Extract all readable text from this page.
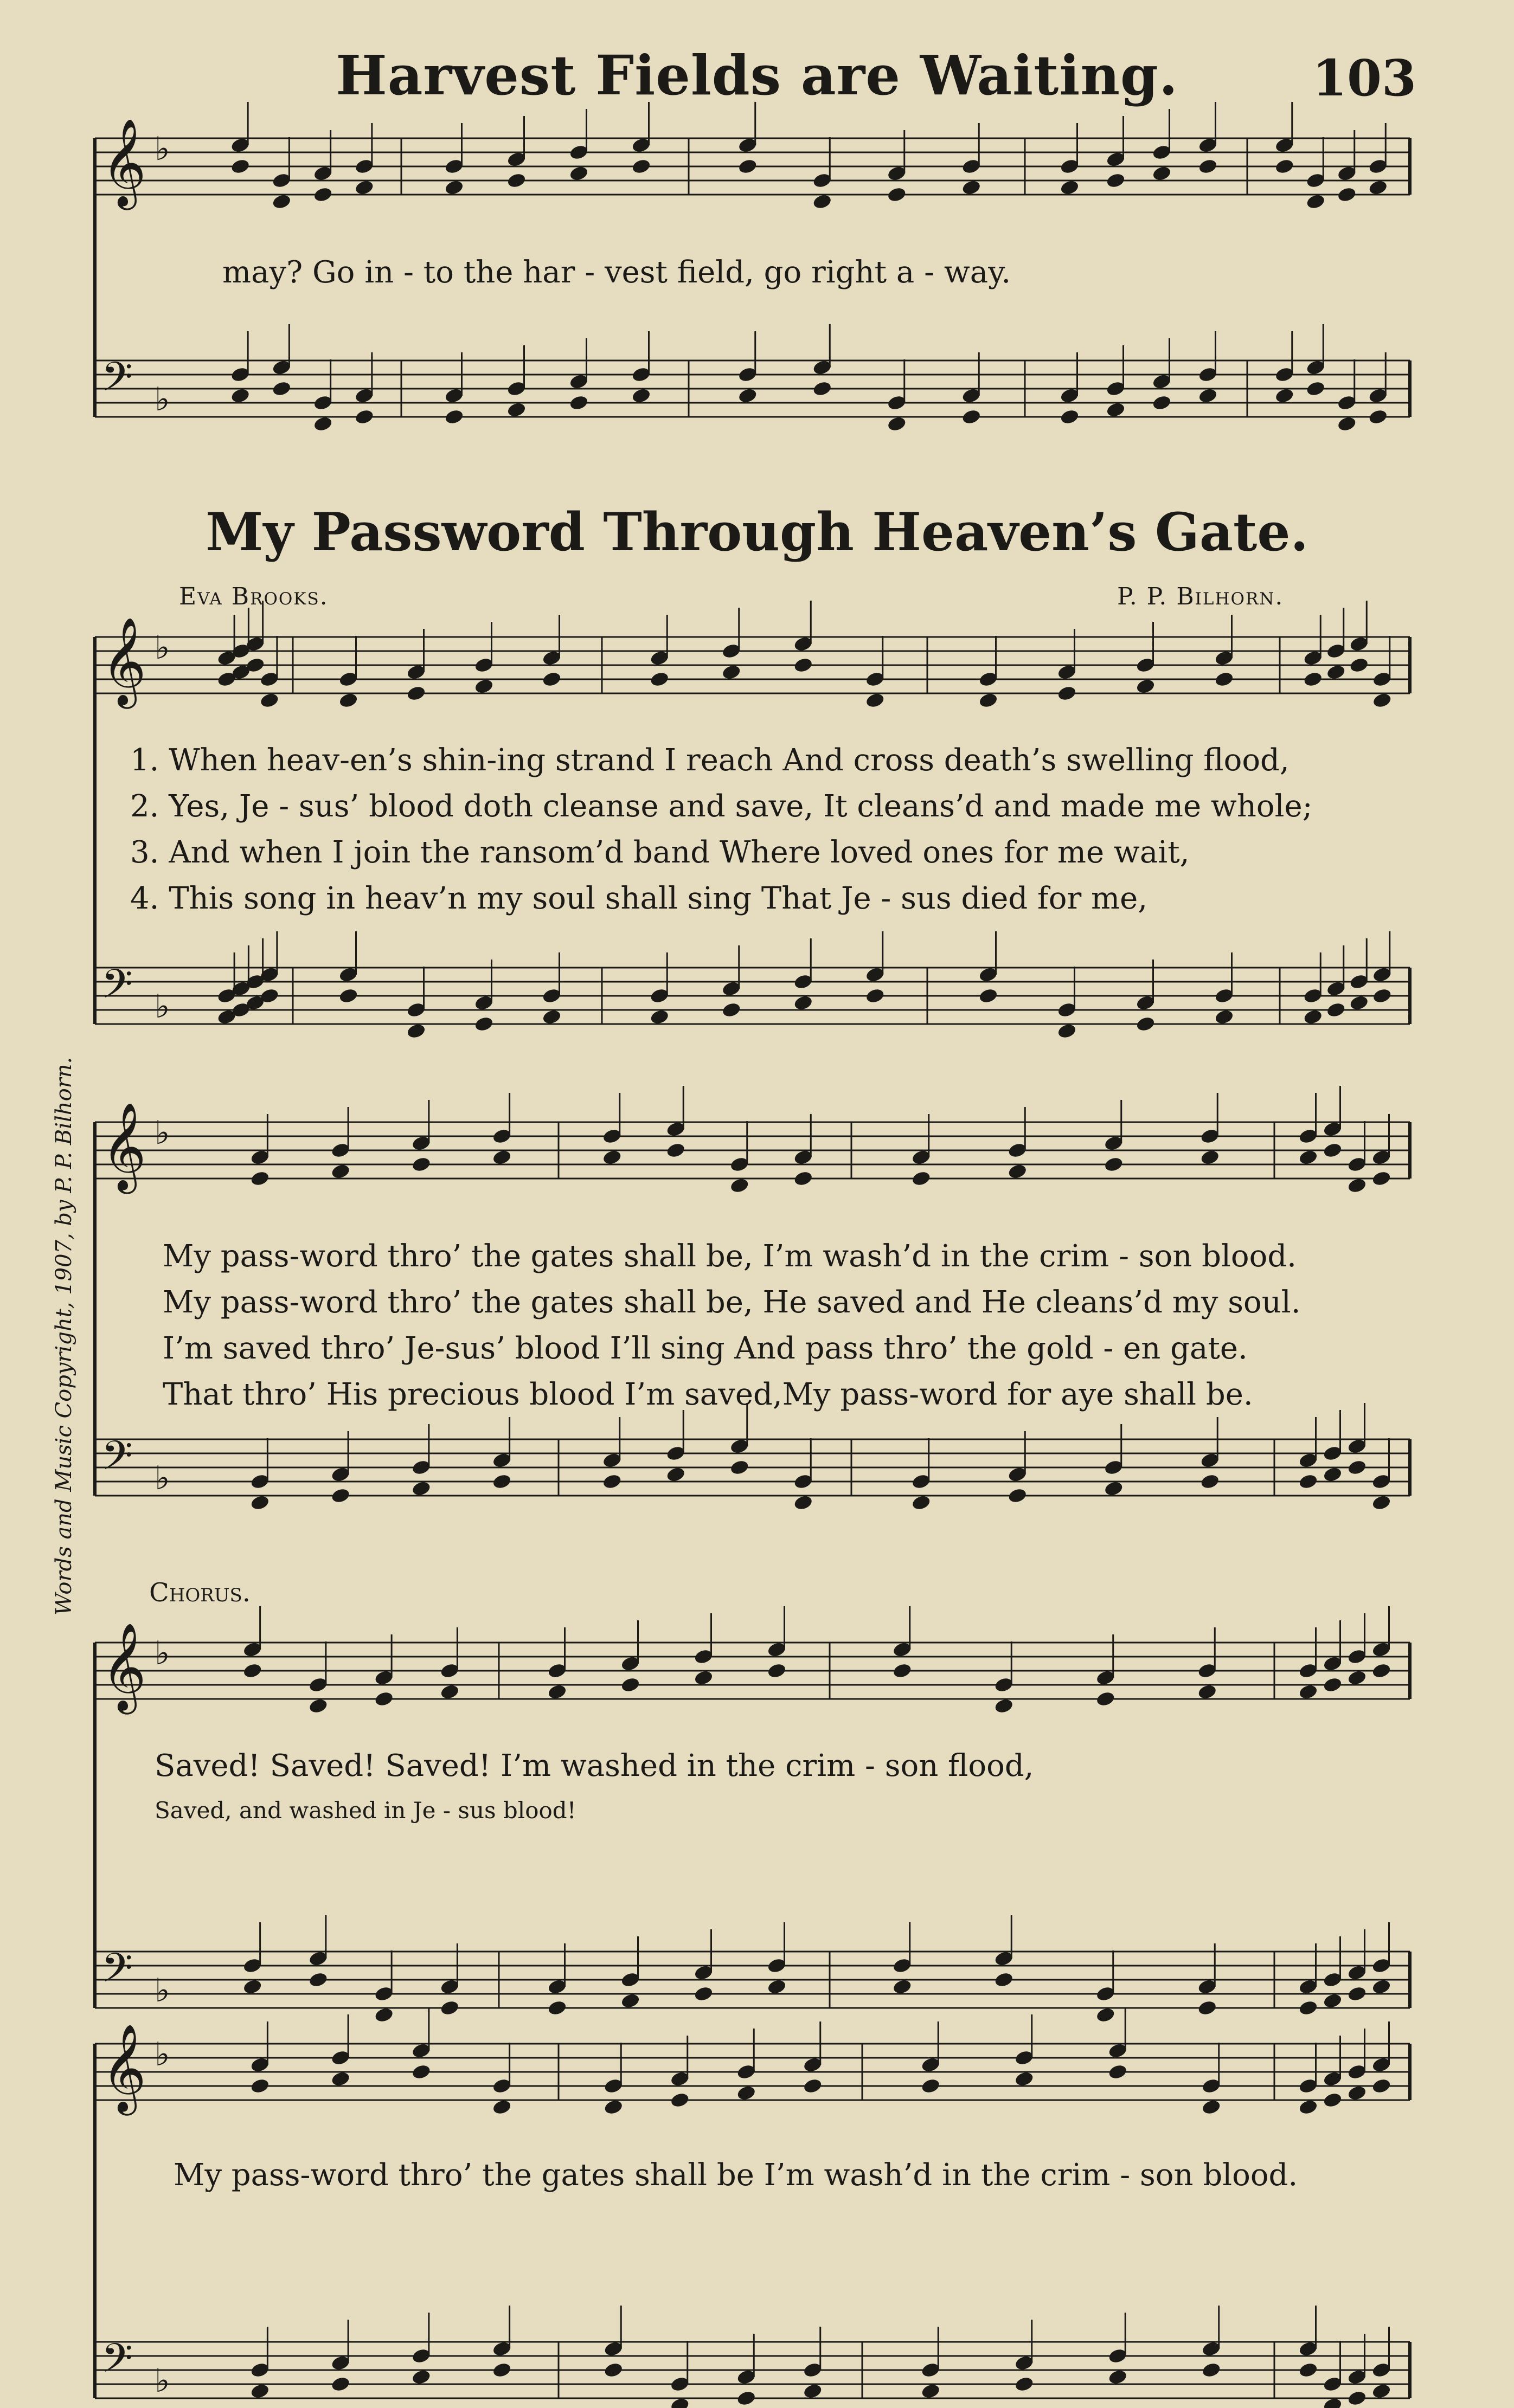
Harvest Fields are Waiting.	103
𝄞 ♭
𝄢 ♭
𝄞 ♭
𝄢 ♭
𝄞 ♭
𝄢 ♭
𝄞 ♭
𝄢 ♭
𝄞 ♭
𝄢 ♭
may? Go in - to the har - vest field, go right a - way.
My Password Through Heaven’s Gate.
Eva Brooks.	P. P. Bilhorn.
1. When heav-en’s shin-ing strand I reach And cross death’s swelling flood,
2. Yes, Je - sus’ blood doth cleanse and save, It cleans’d and made me whole;
3. And when I join the ransom’d band Where loved ones for me wait,
4. This song in heav’n my soul shall sing That Je - sus died for me,
My pass-word thro’ the gates shall be, I’m wash’d in the crim - son blood.
My pass-word thro’ the gates shall be, He saved and He cleans’d my soul.
I’m saved thro’ Je-sus’ blood I’ll sing And pass thro’ the gold - en gate.
That thro’ His precious blood I’m saved,My pass-word for aye shall be.
Chorus.
Saved! Saved! Saved! I’m washed in the crim - son flood,
Saved, and washed in Je - sus blood!
My pass-word thro’ the gates shall be I’m wash’d in the crim - son blood.
Words and Music Copyright, 1907, by P. P. Bilhorn.
